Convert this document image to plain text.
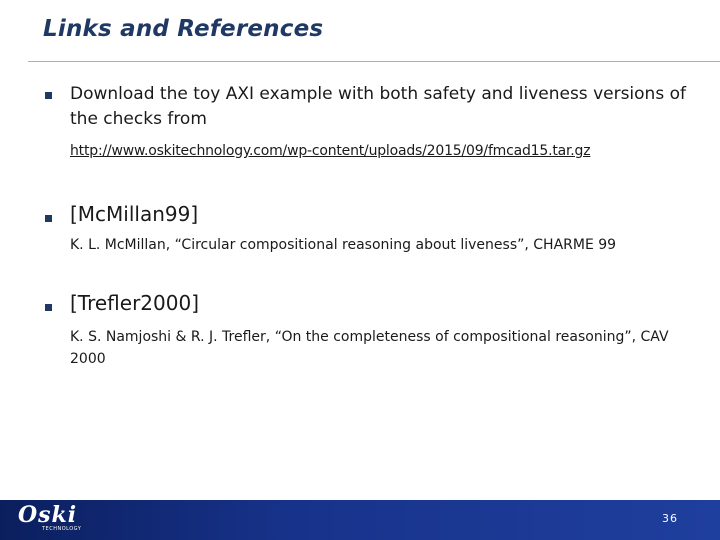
Links and References
Download the toy AXI example with both safety and liveness versions of the checks from
http://www.oskitechnology.com/wp-content/uploads/2015/09/fmcad15.tar.gz
[McMillan99]
K. L. McMillan, “Circular compositional reasoning about liveness”, CHARME 99
[Trefler2000]
K. S. Namjoshi & R. J. Trefler, “On the completeness of compositional reasoning”, CAV 2000
Oski
TECHNOLOGY
36
